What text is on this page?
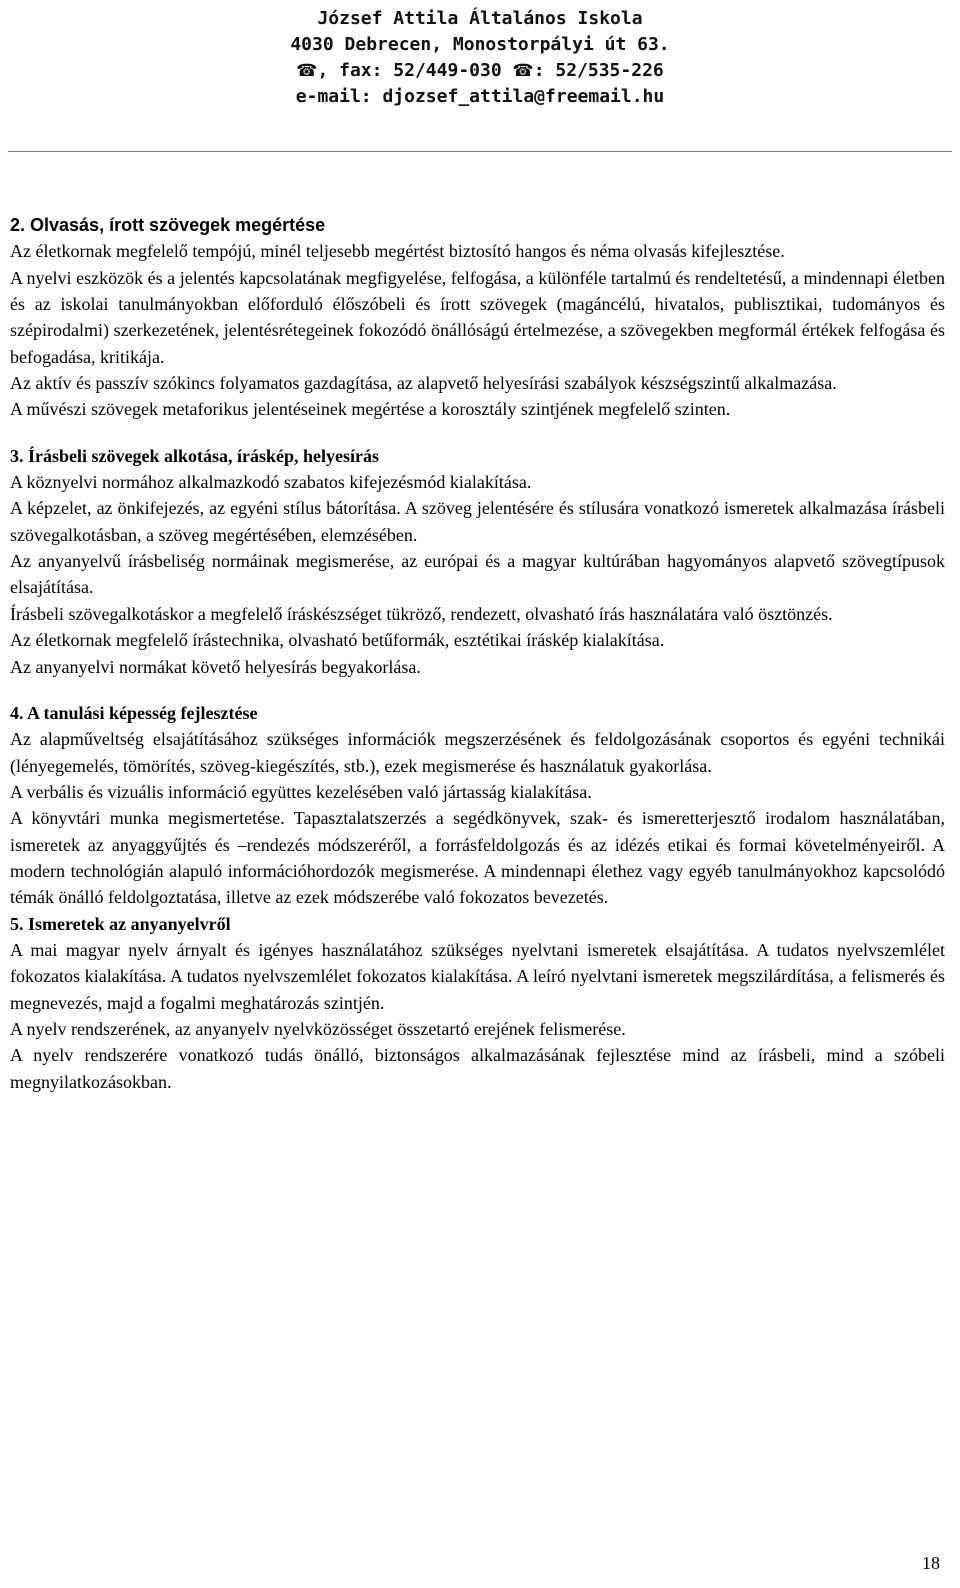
József Attila Általános Iskola
4030 Debrecen, Monostorpályi út 63.
☎, fax: 52/449-030 ☎: 52/535-226
e-mail: djozsef_attila@freemail.hu

2. Olvasás, írott szövegek megértése

Az életkornak megfelelő tempójú, minél teljesebb megértést biztosító hangos és néma olvasás kifejlesztése.

A nyelvi eszközök és a jelentés kapcsolatának megfigyelése, felfogása, a különféle tartalmú és rendeltetésű, a mindennapi életben és az iskolai tanulmányokban előforduló élőszóbeli és írott szövegek (magáncélú, hivatalos, publisztikai, tudományos és szépirodalmi) szerkezetének, jelentésrétegeinek fokozódó önállóságú értelmezése, a szövegekben megformál értékek felfogása és befogadása, kritikája.

Az aktív és passzív szókincs folyamatos gazdagítása, az alapvető helyesírási szabályok készségszintű alkalmazása.

A művészi szövegek metaforikus jelentéseinek megértése a korosztály szintjének megfelelő szinten.

3. Írásbeli szövegek alkotása, íráskép, helyesírás

A köznyelvi normához alkalmazkodó szabatos kifejezésmód kialakítása.

A képzelet, az önkifejezés, az egyéni stílus bátorítása. A szöveg jelentésére és stílusára vonatkozó ismeretek alkalmazása írásbeli szövegalkotásban, a szöveg megértésében, elemzésében.

Az anyanyelvű írásbeliség normáinak megismerése, az európai és a magyar kultúrában hagyományos alapvető szövegtípusok elsajátítása.

Írásbeli szövegalkotáskor a megfelelő íráskészséget tükröző, rendezett, olvasható írás használatára való ösztönzés.

Az életkornak megfelelő írástechnika, olvasható betűformák, esztétikai íráskép kialakítása.

Az anyanyelvi normákat követő helyesírás begyakorlása.

4. A tanulási képesség fejlesztése

Az alapműveltség elsajátításához szükséges információk megszerzésének és feldolgozásának csoportos és egyéni technikái (lényegemelés, tömörítés, szöveg-kiegészítés, stb.), ezek megismerése és használatuk gyakorlása.

A verbális és vizuális információ együttes kezelésében való jártasság kialakítása.

A könyvtári munka megismertetése. Tapasztalatszerzés a segédkönyvek, szak- és ismeretterjesztő irodalom használatában, ismeretek az anyaggyűjtés és –rendezés módszeréről, a forrásfeldolgozás és az idézés etikai és formai követelményeiről. A modern technológián alapuló információhordozók megismerése. A mindennapi élethez vagy egyéb tanulmányokhoz kapcsolódó témák önálló feldolgoztatása, illetve az ezek módszerébe való fokozatos bevezetés.

5. Ismeretek az anyanyelvről

A mai magyar nyelv árnyalt és igényes használatához szükséges nyelvtani ismeretek elsajátítása. A tudatos nyelvszemlélet fokozatos kialakítása. A tudatos nyelvszemlélet fokozatos kialakítása. A leíró nyelvtani ismeretek megszilárdítása, a felismerés és megnevezés, majd a fogalmi meghatározás szintjén.

A nyelv rendszerének, az anyanyelv nyelvközösséget összetartó erejének felismerése.

A nyelv rendszerére vonatkozó tudás önálló, biztonságos alkalmazásának fejlesztése mind az írásbeli, mind a szóbeli megnyilatkozásokban.

18
